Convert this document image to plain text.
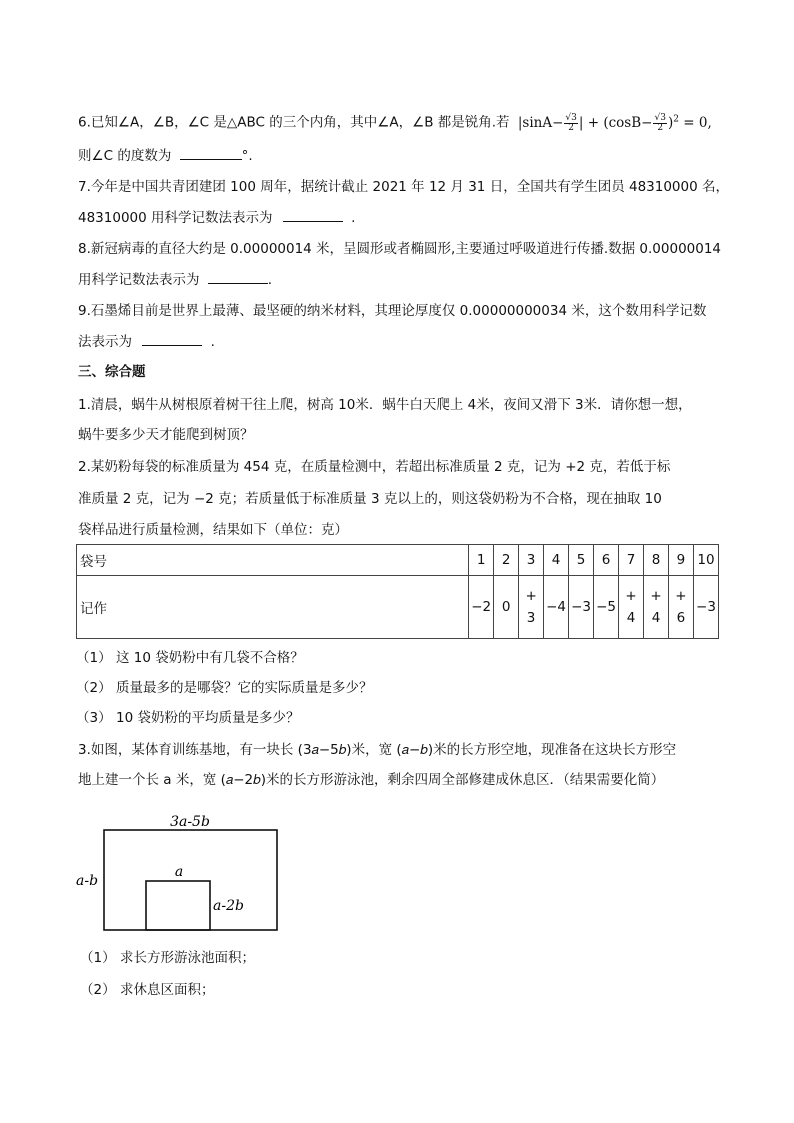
6.已知∠A，∠B，∠C 是△ABC 的三个内角，其中∠A，∠B 都是锐角.若 $|\sin A- \frac{√3}{2}$ | + $(\cos B- \frac{√3}{2} )^2 = 0$,
则∠C 的度数为	°.
7.今年是中国共青团建团 100 周年，据统计截止 2021 年 12 月 31 日，全国共有学生团员 48310000 名，
48310000 用科学记数法表示为	.
8.新冠病毒的直径大约是 0.00000014 米，呈圆形或者椭圆形,主要通过呼吸道进行传播.数据 0.00000014
用科学记数法表示为	.
9.石墨烯目前是世界上最薄、最坚硬的纳米材料，其理论厚度仅 0.00000000034 米，这个数用科学记数
法表示为	.
三、综合题
1.清晨，蜗牛从树根原着树干往上爬，树高 10米．蜗牛白天爬上 4米，夜间又滑下 3米．请你想一想，
蜗牛要多少天才能爬到树顶？
2.某奶粉每袋的标准质量为 454 克，在质量检测中，若超出标准质量 2 克，记为 +2 克，若低于标
准质量 2 克，记为 −2 克；若质量低于标准质量 3 克以上的，则这袋奶粉为不合格，现在抽取 10
袋样品进行质量检测，结果如下（单位：克）
袋号	1	2	3	4	5	6	7	8	9	10
记作	−2	0	+
3	−4	−3	−5	+
4	+
4	+
6	−3
（1） 这 10 袋奶粉中有几袋不合格？
（2） 质量最多的是哪袋？它的实际质量是多少？
（3） 10 袋奶粉的平均质量是多少？
3.如图，某体育训练基地，有一块长 (3𝑎−5𝑏)米，宽 (𝑎−𝑏)米的长方形空地，现准备在这块长方形空
地上建一个长 a 米，宽 (𝑎−2𝑏)米的长方形游泳池，剩余四周全部修建成休息区．（结果需要化简）
3a-5b
a-b
a
a-2b
（1） 求长方形游泳池面积；
（2） 求休息区面积；
